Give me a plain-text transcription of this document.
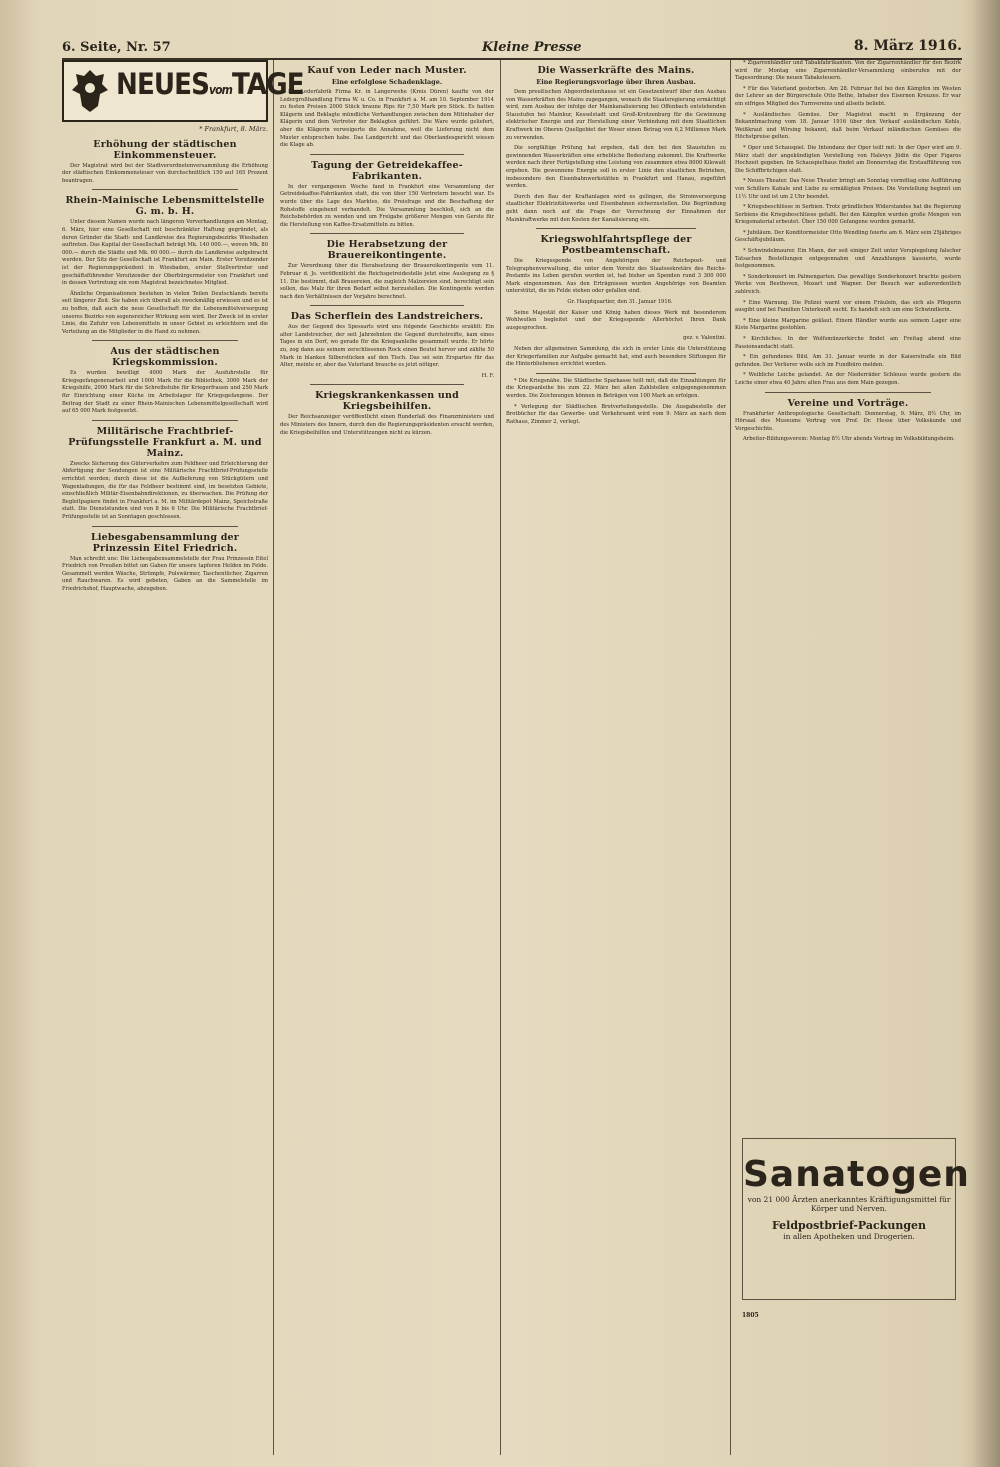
6. Seite, Nr. 57	Kleine Presse	8. März 1916.
NEUESvomTAGE
* Frankfurt, 8. März.
Erhöhung der städtischen Einkommensteuer.

Der Magistrat wird bei der Stadtverordnetenversammlung die Erhöhung der städtischen Einkommensteuer von durchschnittlich 150 auf 165 Prozent beantragen.

Rhein-Mainische Lebensmittelstelle G. m. b. H.

Unter diesem Namen wurde nach längeren Vorverhandlungen am Montag, 6. März, hier eine Gesellschaft mit beschränkter Haftung gegründet, als deren Gründer die Stadt- und Landkreise des Regierungsbezirks Wiesbaden auftreten. Das Kapital der Gesellschaft beträgt Mk. 140 000.—, wovon Mk. 80 000.— durch die Städte und Mk. 60 000.— durch die Landkreise aufgebracht werden. Der Sitz der Gesellschaft ist Frankfurt am Main. Erster Vorsitzender ist der Regierungspräsident in Wiesbaden, erster Stellvertreter und geschäftsführender Vorsitzender der Oberbürgermeister von Frankfurt und in dessen Vertretung ein vom Magistrat bezeichnetes Mitglied.

Ähnliche Organisationen bestehen in vielen Teilen Deutschlands bereits seit längerer Zeit. Sie haben sich überall als zweckmäßig erwiesen und es ist zu hoffen, daß auch die neue Gesellschaft für die Lebensmittelversorgung unseres Bezirks von segensreicher Wirkung sein wird. Der Zweck ist in erster Linie, die Zufuhr von Lebensmitteln in unser Gebiet zu erleichtern und die Verteilung an die Mitglieder in die Hand zu nehmen.

Aus der städtischen Kriegskommission.

Es wurden bewilligt 4000 Mark der Ausfuhrstelle für Kriegsgefangenenarbeit und 1000 Mark für die Bibliothek, 3000 Mark der Kriegshilfe, 2000 Mark für die Schreibstube für Kriegerfrauen und 250 Mark für Einrichtung einer Küche im Arbeitslager für Kriegsgefangene. Der Beitrag der Stadt zu einer Rhein-Mainischen Lebensmittelgesellschaft wird auf 65 000 Mark festgesetzt.

Militärische Frachtbrief-Prüfungsstelle Frankfurt a. M. und Mainz.

Zwecks Sicherung des Güterverkehrs zum Feldheer und Erleichterung der Abfertigung der Sendungen ist eine Militärische Frachtbrief-Prüfungsstelle errichtet worden; durch diese ist die Auflieferung von Stückgütern und Wagenladungen, die für das Feldheer bestimmt sind, im besetzten Gebiete, einschließlich Militär-Eisenbahndirektionen, zu überwachen. Die Prüfung der Begleitpapiere findet in Frankfurt a. M. im Militärdepot Mainz, Speichstraße statt. Die Dienststunden sind von 8 bis 6 Uhr. Die Militärische Frachtbrief-Prüfungsstelle ist an Sonntagen geschlossen.

Liebesgabensammlung der Prinzessin Eitel Friedrich.

Man schreibt uns: Die Liebesgabensammelstelle der Frau Prinzessin Eitel Friedrich von Preußen bittet um Gaben für unsere tapferen Helden im Felde. Gesammelt werden Wäsche, Strümpfe, Pulswärmer, Taschentücher, Zigarren und Rauchwaren. Es wird gebeten, Gaben an die Sammelstelle im Friedrichshof, Hauptwache, abzugeben.

Kauf von Leder nach Muster.
Eine erfolglose Schadenklage.

Die Lederfabrik Firma Kr. in Langerwehe (Kreis Düren) kaufte von der Ledergroßhandlung Firma W. u. Co. in Frankfurt a. M. am 10. September 1914 zu festen Preisen 2000 Stück braune Rips für 7,50 Mark pro Stück. Es hatten Klägerin und Beklagte mündliche Verhandlungen zwischen dem Mitinhaber der Klägerin und dem Vertreter der Beklagten geführt. Die Ware wurde geliefert, aber die Klägerin verweigerte die Annahme, weil die Lieferung nicht dem Muster entsprochen habe. Das Landgericht und das Oberlandesgericht wiesen die Klage ab.

Tagung der Getreidekaffee-Fabrikanten.

In der vergangenen Woche fand in Frankfurt eine Versammlung der Getreidekaffee-Fabrikanten statt, die von über 150 Vertretern besucht war. Es wurde über die Lage des Marktes, die Preisfrage und die Beschaffung der Rohstoffe eingehend verhandelt. Die Versammlung beschloß, sich an die Reichsbehörden zu wenden und um Freigabe größerer Mengen von Gerste für die Herstellung von Kaffee-Ersatzmitteln zu bitten.

Die Herabsetzung der Brauereikontingente.

Zur Verordnung über die Herabsetzung der Brauereikontingente vom 11. Februar d. Js. veröffentlicht die Reichsgetreidestelle jetzt eine Auslegung zu § 11. Die bestimmt, daß Brauereien, die zugleich Malzereien sind, berechtigt sein sollen, das Malz für ihren Bedarf selbst herzustellen. Die Kontingente werden nach den Verhältnissen der Vorjahre berechnet.

Das Scherflein des Landstreichers.

Aus der Gegend des Spessarts wird uns folgende Geschichte erzählt: Ein alter Landstreicher, der seit Jahrzehnten die Gegend durchstreifte, kam eines Tages in ein Dorf, wo gerade für die Kriegsanleihe gesammelt wurde. Er hörte zu, zog dann aus seinem zerschlissenen Rock einen Beutel hervor und zählte 50 Mark in blanken Silberstücken auf den Tisch. Das sei sein Erspartes für das Alter, meinte er, aber das Vaterland brauche es jetzt nötiger.

H. F.

Kriegskrankenkassen und Kriegsbeihilfen.

Der Reichsanzeiger veröffentlicht einen Runderlaß des Finanzministers und des Ministers des Innern, durch den die Regierungspräsidenten ersucht werden, die Kriegsbeihilfen und Unterstützungen nicht zu kürzen.

Die Wasserkräfte des Mains.
Eine Regierungsvorlage über ihren Ausbau.

Dem preußischen Abgeordnetenhause ist ein Gesetzentwurf über den Ausbau von Wasserkräften des Mains zugegangen, wonach die Staatsregierung ermächtigt wird, zum Ausbau der infolge der Mainkanalisierung bei Offenbach entstehenden Staustufen bei Mainkur, Kesselstadt und Groß-Krotzenburg für die Gewinnung elektrischer Energie und zur Herstellung einer Verbindung mit dem Staatlichen Kraftwerk im Oberen Quellgebiet der Weser einen Betrag von 6,2 Millionen Mark zu verwenden.

Die sorgfältige Prüfung hat ergeben, daß den bei den Staustufen zu gewinnenden Wasserkräften eine erhebliche Bedeutung zukommt. Die Kraftwerke werden nach ihrer Fertigstellung eine Leistung von zusammen etwa 8000 Kilowatt ergeben. Die gewonnene Energie soll in erster Linie den staatlichen Betrieben, insbesondere den Eisenbahnwerkstätten in Frankfurt und Hanau, zugeführt werden.

Durch den Bau der Kraftanlagen wird es gelingen, die Stromversorgung staatlicher Elektrizitätswerke und Eisenbahnen sicherzustellen. Die Begründung geht dann noch auf die Frage der Verrechnung der Einnahmen der Mainkraftwerke mit den Kosten der Kanalisierung ein.

Kriegswohlfahrtspflege der Postbeamtenschaft.

Die Kriegsspende von Angehörigen der Reichspost- und Telegraphenverwaltung, die unter dem Vorsitz des Staatssekretärs des Reichs-Postamts ins Leben gerufen worden ist, hat bisher an Spenden rund 3 300 000 Mark eingenommen. Aus den Erträgnissen wurden Angehörige von Beamten unterstützt, die im Felde stehen oder gefallen sind.

Gr. Hauptquartier, den 31. Januar 1916.

Seine Majestät der Kaiser und König haben dieses Werk mit besonderem Wohlwollen begleitet und der Kriegsspende Allerhöchst Ihren Dank ausgesprochen.

gez. v. Valentini.

Neben der allgemeinen Sammlung, die sich in erster Linie die Unterstützung der Kriegerfamilien zur Aufgabe gemacht hat, sind auch besondere Stiftungen für die Hinterbliebenen errichtet worden.

* Die Kriegsnähe. Die Städtische Sparkasse teilt mit, daß die Einzahlungen für die Kriegsanleihe bis zum 22. März bei allen Zahlstellen entgegengenommen werden. Die Zeichnungen können in Beträgen von 100 Mark an erfolgen.

* Verlegung der Städtischen Brotverteilungsstelle. Die Ausgabestelle der Brotbücher für das Gewerbe- und Verkehrsamt wird vom 9. März an nach dem Rathaus, Zimmer 2, verlegt.

* Zigarrenhändler und Tabakfabrikanten. Von der Zigarrenhändler für den Bezirk wird für Montag eine Zigarrenhändler-Versammlung einberufen mit der Tagesordnung: Die neuen Tabaksteuern.

* Für das Vaterland gestorben. Am 28. Februar fiel bei den Kämpfen im Westen der Lehrer an der Bürgerschule Otto Bethe, Inhaber des Eisernen Kreuzes. Er war ein eifriges Mitglied des Turnvereins und allseits beliebt.

* Ausländisches Gemüse. Der Magistrat macht in Ergänzung der Bekanntmachung vom 18. Januar 1916 über den Verkauf ausländischen Kohls, Weißkraut und Wirsing bekannt, daß beim Verkauf inländischen Gemüses die Höchstpreise gelten.

* Oper und Schauspiel. Die Intendanz der Oper teilt mit: In der Oper wird am 9. März statt der angekündigten Vorstellung von Halevys Jüdin die Oper Figaros Hochzeit gegeben. Im Schauspielhaus findet am Donnerstag die Erstaufführung von Die Schiffbrüchigen statt.

* Neues Theater. Das Neue Theater bringt am Sonntag vormittag eine Aufführung von Schillers Kabale und Liebe zu ermäßigten Preisen. Die Vorstellung beginnt um 11½ Uhr und ist um 2 Uhr beendet.

* Kriegsbeschlüsse in Serbien. Trotz gründlichen Widerstandes hat die Regierung Serbiens die Kriegsbeschlüsse gefaßt. Bei den Kämpfen wurden große Mengen von Kriegsmaterial erbeutet. Über 150 000 Gefangene wurden gemacht.

* Jubiläum. Der Konditormeister Otto Wendling feierte am 6. März sein 25jähriges Geschäftsjubiläum.

* Schwindelmaurer. Ein Mann, der seit einiger Zeit unter Vorspiegelung falscher Tatsachen Bestellungen entgegennahm und Anzahlungen kassierte, wurde festgenommen.

* Sonderkonzert im Palmengarten. Das gewaltige Sonderkonzert brachte gestern Werke von Beethoven, Mozart und Wagner. Der Besuch war außerordentlich zahlreich.

* Eine Warnung. Die Polizei warnt vor einem Fräulein, das sich als Pflegerin ausgibt und bei Familien Unterkunft sucht. Es handelt sich um eine Schwindlerin.

* Eine kleine Margarine geklaut. Einem Händler wurde aus seinem Lager eine Kiste Margarine gestohlen.

* Kirchliches. In der Wolfsmünzerkirche findet am Freitag abend eine Passionsandacht statt.

* Ein gefundenes Bild. Am 31. Januar wurde in der Kaiserstraße ein Bild gefunden. Der Verlierer wolle sich im Fundbüro melden.

* Weibliche Leiche gelandet. An der Niederräder Schleuse wurde gestern die Leiche einer etwa 40 Jahre alten Frau aus dem Main gezogen.

Vereine und Vorträge.

Frankfurter Anthropologische Gesellschaft: Donnerstag, 9. März, 8½ Uhr, im Hörsaal des Museums Vortrag von Prof. Dr. Hesse über Volkskunde und Vorgeschichte.

Arbeiter-Bildungsverein: Montag 8½ Uhr abends Vortrag im Volksbildungsheim.

Sanatogen
von 21 000 Ärzten anerkanntes Kräftigungsmittel für Körper und Nerven.
Feldpostbrief-Packungen
in allen Apotheken und Drogerien.
1805
